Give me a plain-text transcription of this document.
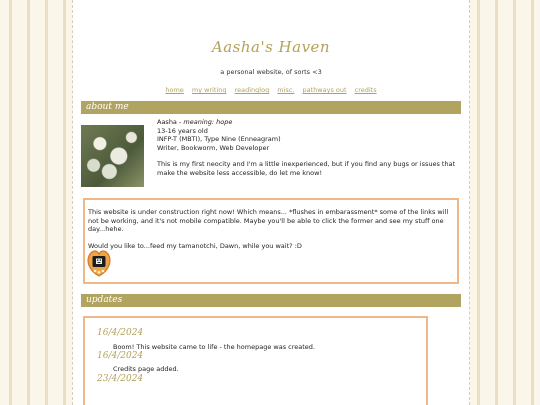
Aasha's Haven
a personal website, of sorts <3
home my writing readinglog misc. pathways out credits
about me

Aasha - meaning: hope

13-16 years old

INFP-T (MBTI), Type Nine (Enneagram)

Writer, Bookworm, Web Developer

This is my first neocity and I'm a little inexperienced, but if you find any bugs or issues that make the website less accessible, do let me know!

This website is under construction right now! Which means... *flushes in embarassment* some of the links will not be working, and it's not mobile compatible. Maybe you'll be able to click the former and see my stuff one day...hehe.

Would you like to...feed my tamanotchi, Dawn, while you wait? :D

updates
16/4/2024
Boom! This website came to life - the homepage was created.
16/4/2024
Credits page added.
23/4/2024
